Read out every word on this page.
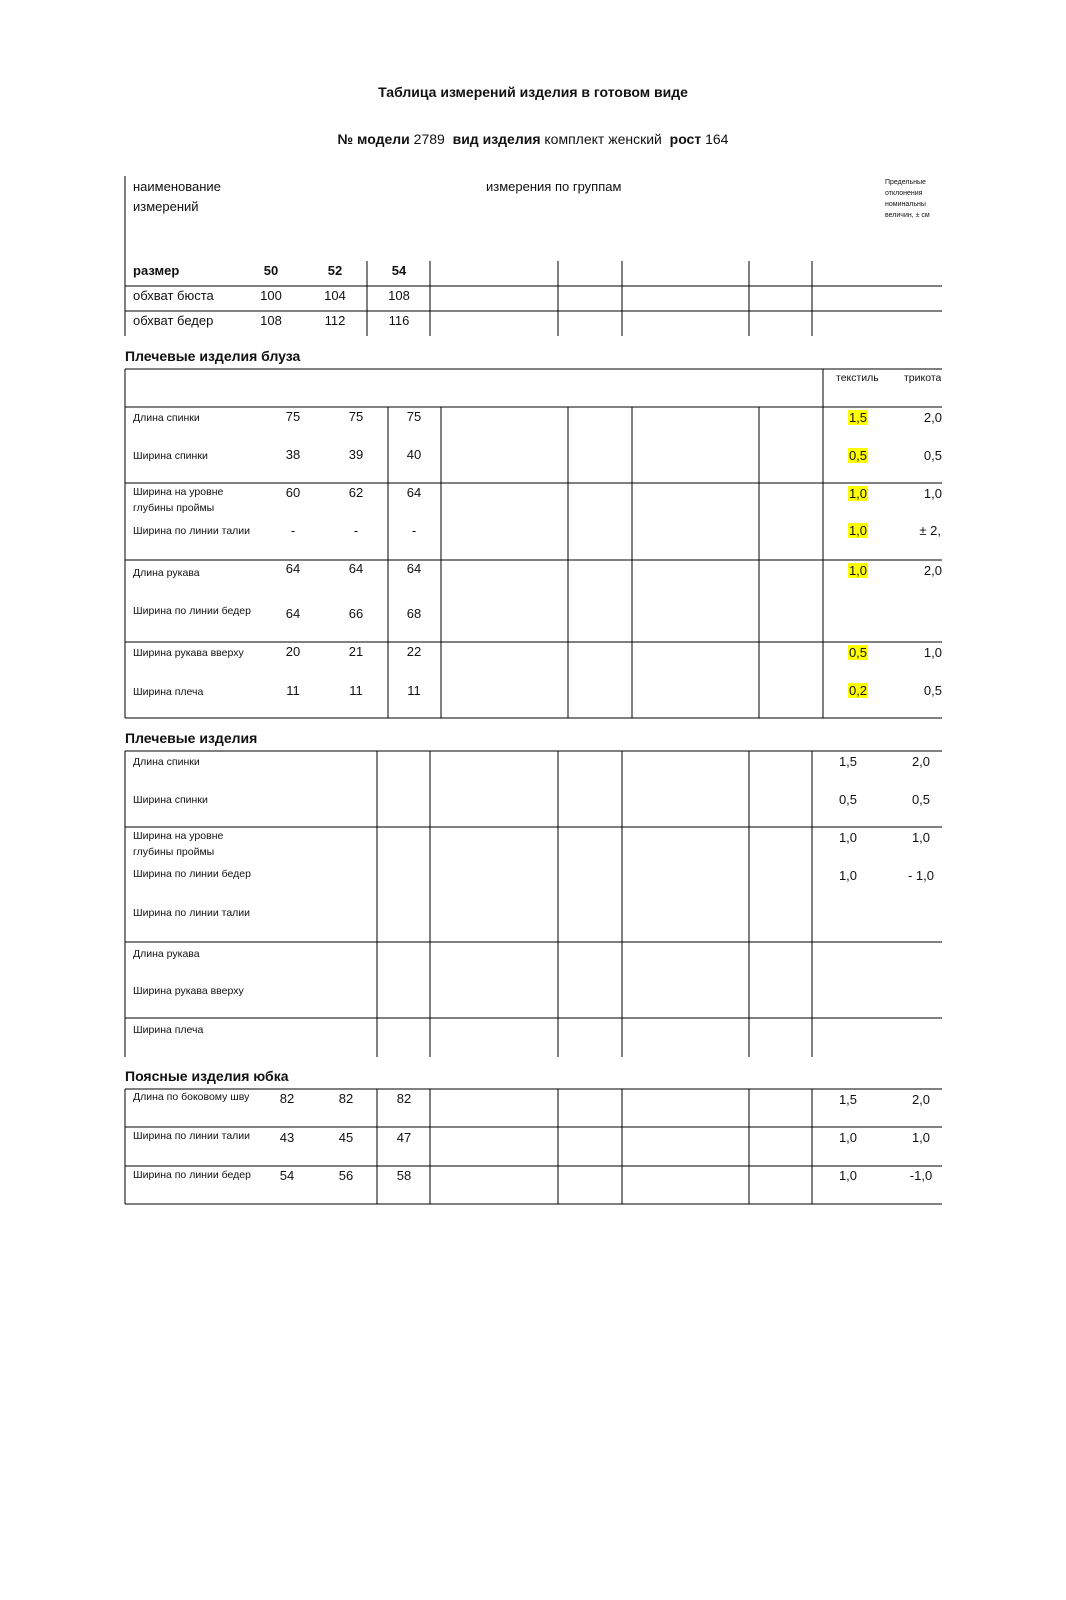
Таблица измерений изделия в готовом виде
№ модели 2789 вид изделия комплект женский рост 164
наименование
измерений
измерения по группам	Предельные
отклонения
номинальны
величин, ± см
размер	50	52	54
обхват бюста	100	104	108
обхват бедер	108	112	116
Плечевые изделия блуза
текстиль трикота
Длина спинки	75	75	75	1,5	2,0
Ширина спинки	38	39	40	0,5	0,5
Ширина на уровне глубины проймы
60	62	64	1,0	1,0
Ширина по линии талии	-	-	-	1,0	± 2,
Длина рукава	64	64	64	1,0	2,0
Ширина по линии бедер	64	66	68
Ширина рукава вверху	20	21	22	0,5	1,0
Ширина плеча	11	11	11	0,2	0,5
Плечевые изделия
Длина спинки	1,5	2,0
Ширина спинки	0,5	0,5
Ширина на уровне глубины проймы
1,0	1,0
Ширина по линии бедер	1,0	- 1,0
Ширина по линии талии
Длина рукава
Ширина рукава вверху
Ширина плеча
Поясные изделия юбка
Длина по боковому шву	82	82	82	1,5	2,0
Ширина по линии талии	43	45	47	1,0	1,0
Ширина по линии бедер	54	56	58	1,0	-1,0
